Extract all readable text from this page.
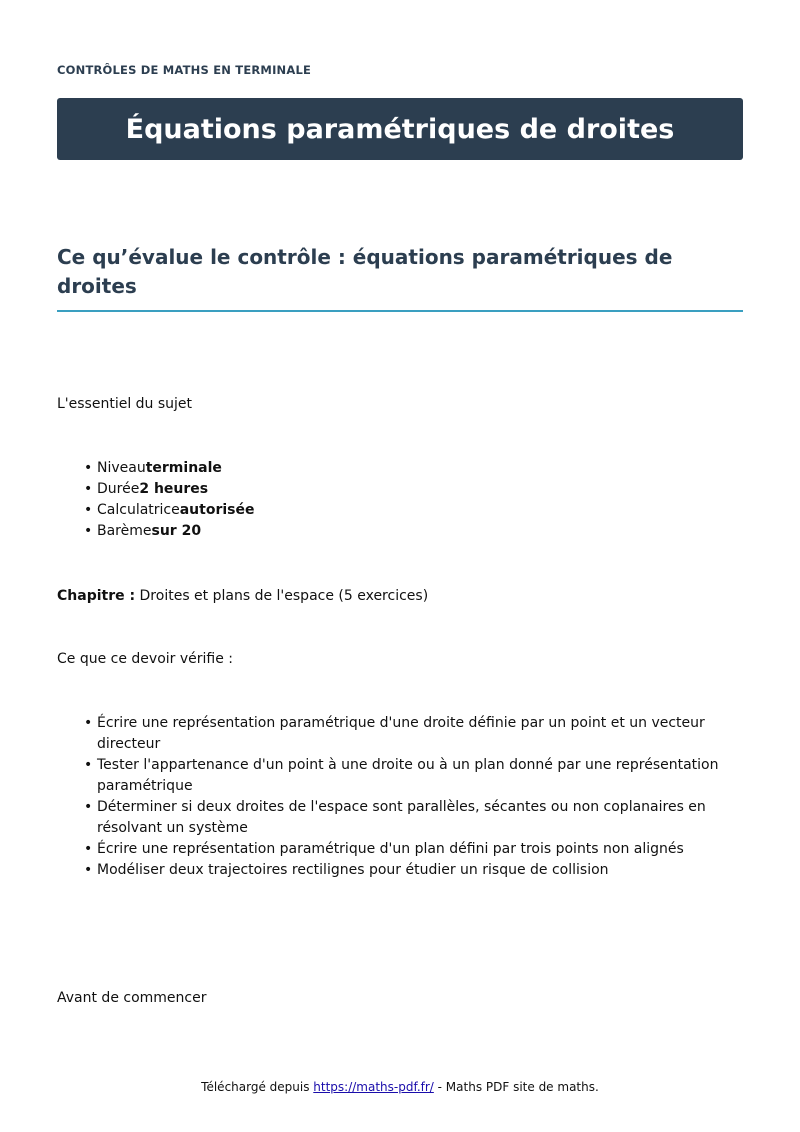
CONTRÔLES DE MATHS EN TERMINALE
Équations paramétriques de droites
Ce qu’évalue le contrôle : équations paramétriques de droites
L'essentiel du sujet
• Niveauterminale
• Durée2 heures
• Calculatriceautorisée
• Barèmesur 20
Chapitre : Droites et plans de l'espace (5 exercices)
Ce que ce devoir vérifie :
• Écrire une représentation paramétrique d'une droite définie par un point et un vecteur directeur
• Tester l'appartenance d'un point à une droite ou à un plan donné par une représentation paramétrique
• Déterminer si deux droites de l'espace sont parallèles, sécantes ou non coplanaires en résolvant un système
• Écrire une représentation paramétrique d'un plan défini par trois points non alignés
• Modéliser deux trajectoires rectilignes pour étudier un risque de collision
Avant de commencer
Téléchargé depuis https://maths-pdf.fr/ - Maths PDF site de maths.
